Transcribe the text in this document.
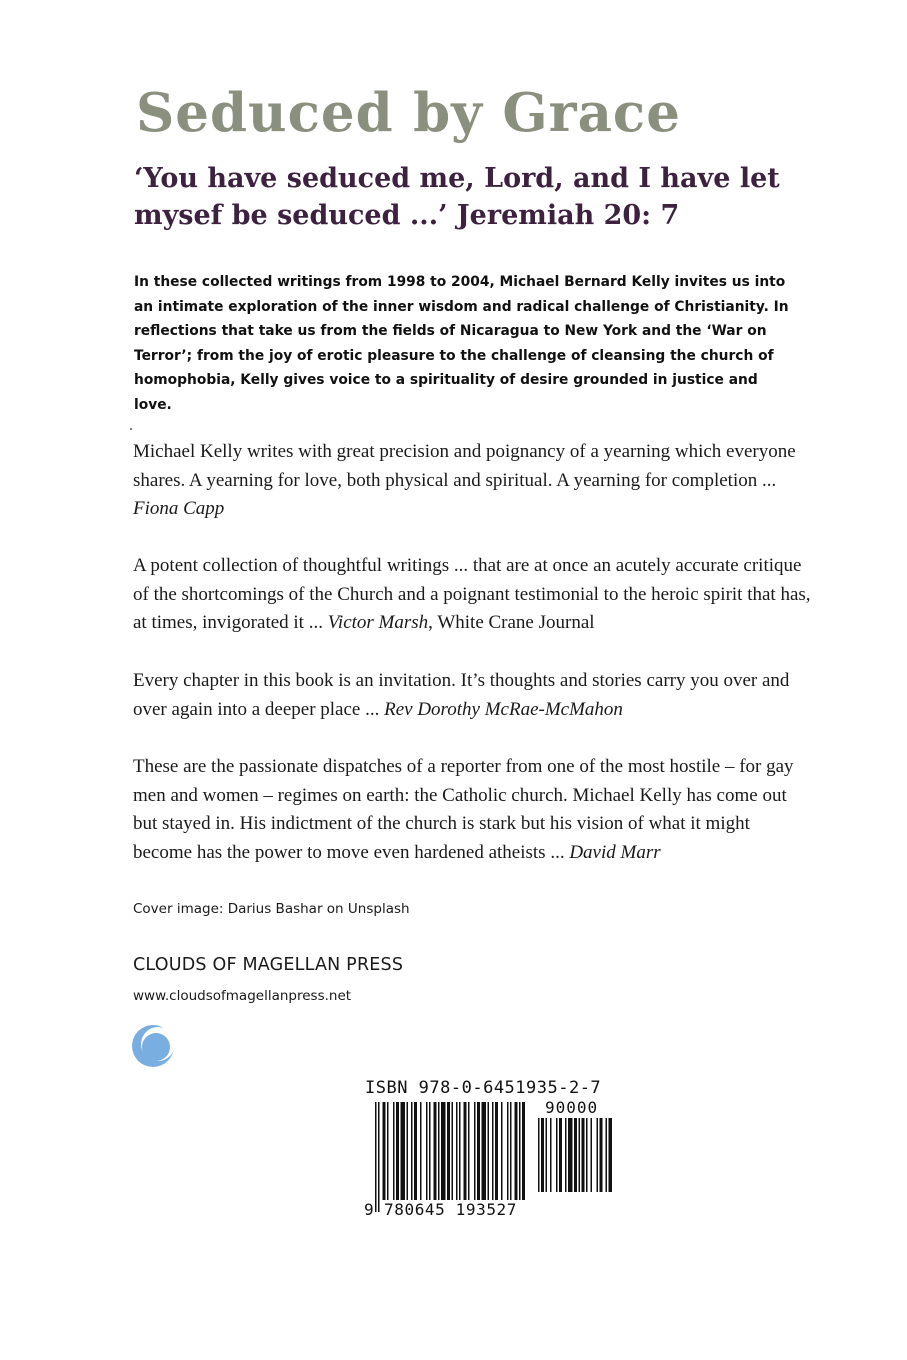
Seduced by Grace

‘You have seduced me, Lord, and I have let mysef be seduced ...’ Jeremiah 20: 7

In these collected writings from 1998 to 2004, Michael Bernard Kelly invites us into an intimate exploration of the inner wisdom and radical challenge of Christianity. In reflections that take us from the fields of Nicaragua to New York and the ‘War on Terror’; from the joy of erotic pleasure to the challenge of cleansing the church of homophobia, Kelly gives voice to a spirituality of desire grounded in justice and love.

Michael Kelly writes with great precision and poignancy of a yearning which everyone shares. A yearning for love, both physical and spiritual. A yearning for completion ... Fiona Capp

A potent collection of thoughtful writings ... that are at once an acutely accurate critique of the shortcomings of the Church and a poignant testimonial to the heroic spirit that has, at times, invigorated it ... Victor Marsh, White Crane Journal

Every chapter in this book is an invitation. It’s thoughts and stories carry you over and over again into a deeper place ... Rev Dorothy McRae-McMahon

These are the passionate dispatches of a reporter from one of the most hostile – for gay men and women – regimes on earth: the Catholic church. Michael Kelly has come out but stayed in. His indictment of the church is stark but his vision of what it might become has the power to move even hardened atheists ... David Marr

Cover image: Darius Bashar on Unsplash

CLOUDS OF MAGELLAN PRESS

www.cloudsofmagellanpress.net

ISBN 978-0-6451935-2-7
90000
9 780645 193527
